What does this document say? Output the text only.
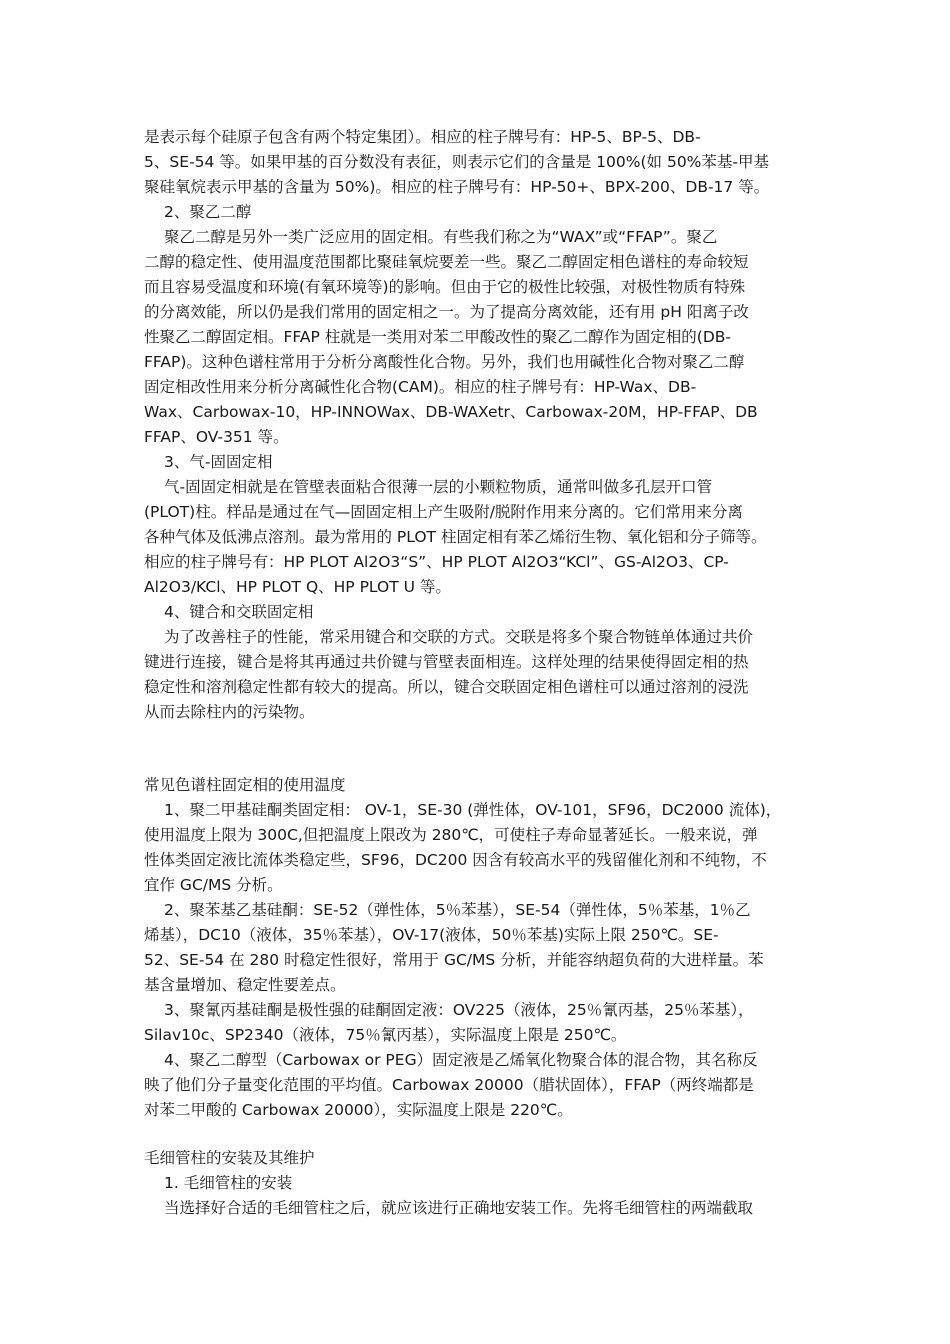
是表示每个硅原子包含有两个特定集团）。相应的柱子牌号有：HP-5、BP-5、DB-
5、SE-54 等。如果甲基的百分数没有表征，则表示它们的含量是 100%(如 50%苯基-甲基
聚硅氧烷表示甲基的含量为 50%)。相应的柱子牌号有：HP-50+、BPX-200、DB-17 等。
2、聚乙二醇
聚乙二醇是另外一类广泛应用的固定相。有些我们称之为“WAX”或“FFAP”。聚乙
二醇的稳定性、使用温度范围都比聚硅氧烷要差一些。聚乙二醇固定相色谱柱的寿命较短
而且容易受温度和环境(有氧环境等)的影响。但由于它的极性比较强，对极性物质有特殊
的分离效能，所以仍是我们常用的固定相之一。为了提高分离效能，还有用 pH 阳离子改
性聚乙二醇固定相。FFAP 柱就是一类用对苯二甲酸改性的聚乙二醇作为固定相的(DB-
FFAP)。这种色谱柱常用于分析分离酸性化合物。另外，我们也用碱性化合物对聚乙二醇
固定相改性用来分析分离碱性化合物(CAM)。相应的柱子牌号有：HP-Wax、DB-
Wax、Carbowax-10，HP-INNOWax、DB-WAXetr、Carbowax-20M，HP-FFAP、DB
FFAP、OV-351 等。
3、气-固固定相
气-固固定相就是在管壁表面粘合很薄一层的小颗粒物质，通常叫做多孔层开口管
(PLOT)柱。样品是通过在气—固固定相上产生吸附/脱附作用来分离的。它们常用来分离
各种气体及低沸点溶剂。最为常用的 PLOT 柱固定相有苯乙烯衍生物、氧化铝和分子筛等。
相应的柱子牌号有：HP PLOT Al2O3“S”、HP PLOT Al2O3“KCl”、GS-Al2O3、CP-
Al2O3/KCl、HP PLOT Q、HP PLOT U 等。
4、键合和交联固定相
为了改善柱子的性能，常采用键合和交联的方式。交联是将多个聚合物链单体通过共价
键进行连接，键合是将其再通过共价键与管壁表面相连。这样处理的结果使得固定相的热
稳定性和溶剂稳定性都有较大的提高。所以，键合交联固定相色谱柱可以通过溶剂的浸洗
从而去除柱内的污染物。
常见色谱柱固定相的使用温度
1、聚二甲基硅酮类固定相： OV-1，SE-30 (弹性体，OV-101，SF96，DC2000 流体)，
使用温度上限为 300C,但把温度上限改为 280℃，可使柱子寿命显著延长。一般来说，弹
性体类固定液比流体类稳定些，SF96，DC200 因含有较高水平的残留催化剂和不纯物，不
宜作 GC/MS 分析。
2、聚苯基乙基硅酮：SE-52（弹性体，5％苯基），SE-54（弹性体，5％苯基，1％乙
烯基），DC10（液体，35％苯基），OV-17(液体，50％苯基)实际上限 250℃。SE-
52、SE-54 在 280 时稳定性很好，常用于 GC/MS 分析，并能容纳超负荷的大进样量。苯
基含量增加、稳定性要差点。
3、聚氰丙基硅酮是极性强的硅酮固定液：OV225（液体，25％氰丙基，25％苯基），
Silav10c、SP2340（液体，75％氰丙基），实际温度上限是 250℃。
4、聚乙二醇型（Carbowax or PEG）固定液是乙烯氧化物聚合体的混合物，其名称反
映了他们分子量变化范围的平均值。Carbowax 20000（腊状固体），FFAP（两终端都是
对苯二甲酸的 Carbowax 20000），实际温度上限是 220℃。
毛细管柱的安装及其维护
1. 毛细管柱的安装
当选择好合适的毛细管柱之后，就应该进行正确地安装工作。先将毛细管柱的两端截取
